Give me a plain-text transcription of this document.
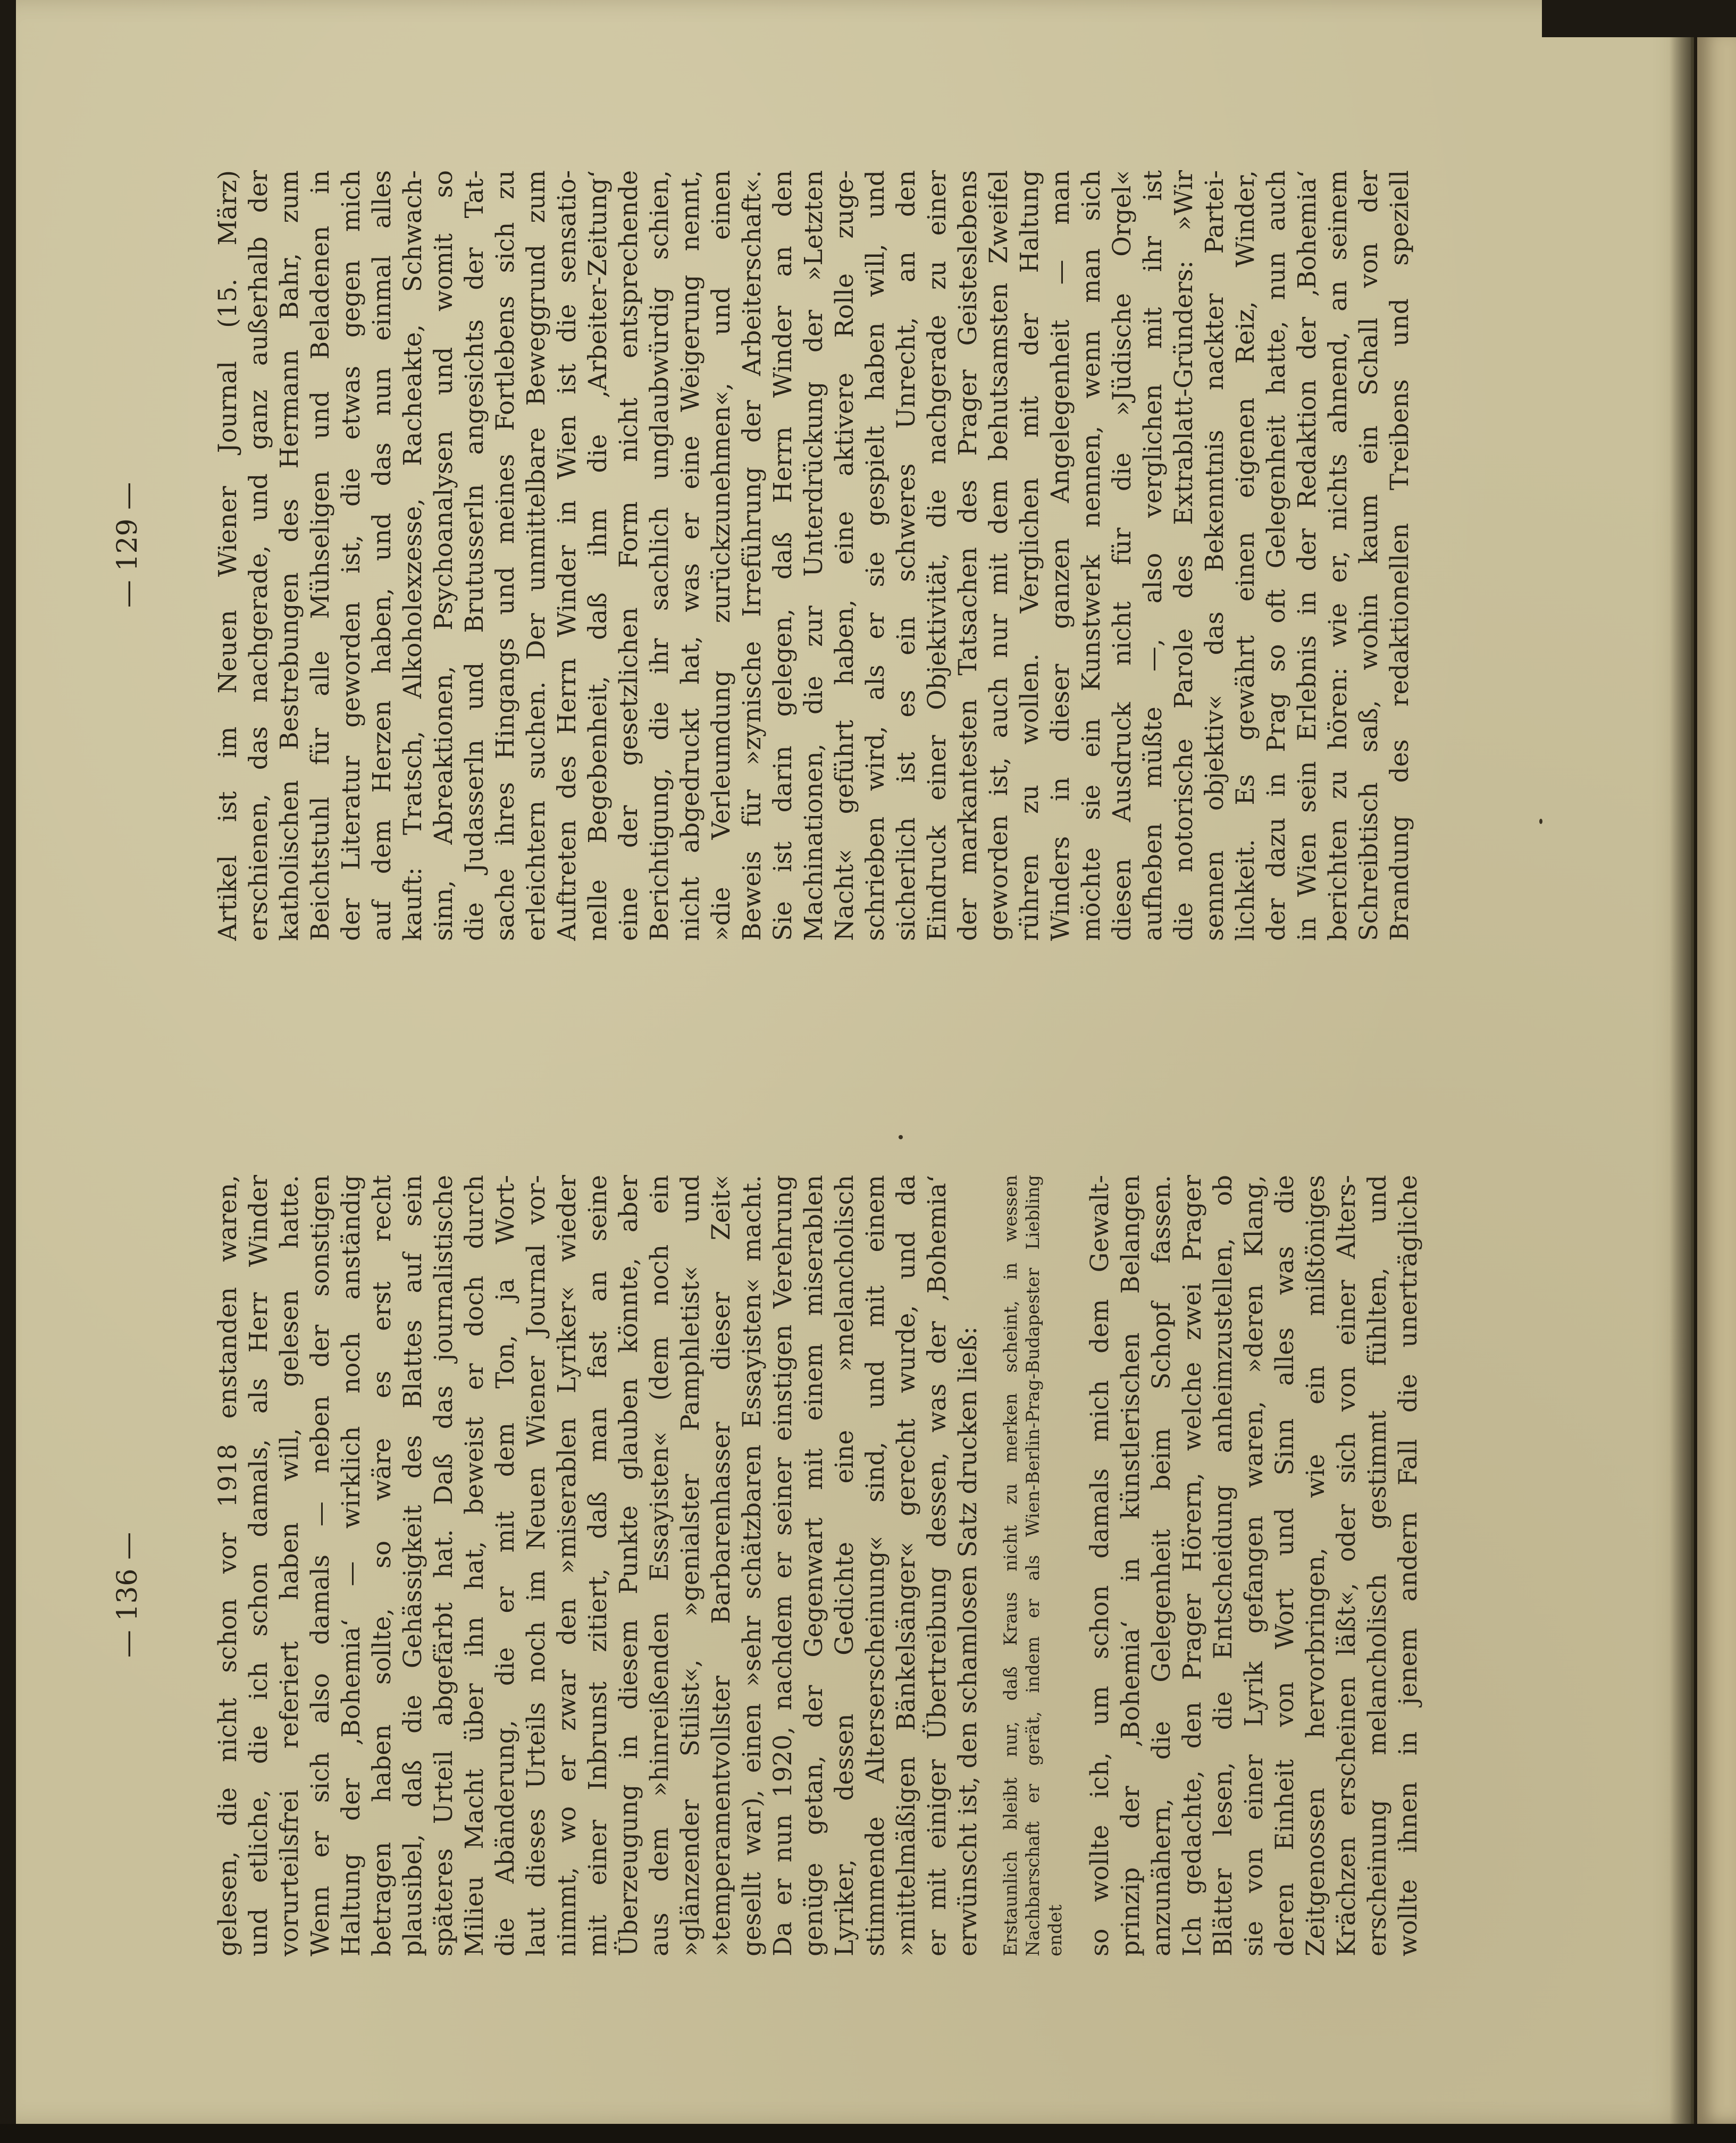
— 136 —
— 129 —
gelesen, die nicht schon vor 1918 enstanden waren, und etliche, die ich schon damals, als Herr Winder vorurteilsfrei referiert haben will, gelesen hatte. Wenn er sich also damals — neben der sonstigen Haltung der ‚Bohemia‘ — wirklich noch anständig betragen haben sollte, so wäre es erst recht plausibel, daß die Gehässigkeit des Blattes auf sein späteres Urteil abgefärbt hat. Daß das journalistische Milieu Macht über ihn hat, beweist er doch durch die Abänderung, die er mit dem Ton, ja Wort- laut dieses Urteils noch im Neuen Wiener Journal vor- nimmt, wo er zwar den »miserablen Lyriker« wieder mit einer Inbrunst zitiert, daß man fast an seine Überzeugung in diesem Punkte glauben könnte, aber aus dem »hinreißenden Essayisten« (dem noch ein »glänzender Stilist«, »genialster Pamphletist« und »temperamentvollster Barbarenhasser dieser Zeit« gesellt war), einen »sehr schätzbaren Essayisten« macht. Da er nun 1920, nachdem er seiner einstigen Verehrung genüge getan, der Gegenwart mit einem miserablen Lyriker, dessen Gedichte eine »melancholisch stimmende Alterserscheinung« sind, und mit einem »mittelmäßigen Bänkelsänger« gerecht wurde, und da er mit einiger Übertreibung dessen, was der ‚Bohemia‘ erwünscht ist, den schamlosen Satz drucken ließ: Erstaunlich bleibt nur, daß Kraus nicht zu merken scheint, in wessen Nachbarschaft er gerät, indem er als Wien-Berlin-Prag-Budapester Liebling endet so wollte ich, um schon damals mich dem Gewalt- prinzip der ‚Bohemia‘ in künstlerischen Belangen anzunähern, die Gelegenheit beim Schopf fassen. Ich gedachte, den Prager Hörern, welche zwei Prager Blätter lesen, die Entscheidung anheimzustellen, ob sie von einer Lyrik gefangen waren, »deren Klang, deren Einheit von Wort und Sinn alles was die Zeitgenossen hervorbringen, wie ein mißtöniges Krächzen erscheinen läßt«, oder sich von einer Alters- erscheinung melancholisch gestimmt fühlten, und wollte ihnen in jenem andern Fall die unerträgliche
Artikel ist im Neuen Wiener Journal (15. März) erschienen, das nachgerade, und ganz außerhalb der katholischen Bestrebungen des Hermann Bahr, zum Beichtstuhl für alle Mühseligen und Beladenen in der Literatur geworden ist, die etwas gegen mich auf dem Herzen haben, und das nun einmal alles kauft: Tratsch, Alkoholexzesse, Racheakte, Schwach- sinn, Abreaktionen, Psychoanalysen und womit so die Judasserln und Brutusserln angesichts der Tat- sache ihres Hingangs und meines Fortlebens sich zu erleichtern suchen. Der unmittelbare Beweggrund zum Auftreten des Herrn Winder in Wien ist die sensatio- nelle Begebenheit, daß ihm die ‚Arbeiter-Zeitung‘ eine der gesetzlichen Form nicht entsprechende Berichtigung, die ihr sachlich unglaubwürdig schien, nicht abgedruckt hat, was er eine Weigerung nennt, »die Verleumdung zurückzunehmen«, und einen Beweis für »zynische Irreführung der Arbeiterschaft«. Sie ist darin gelegen, daß Herrn Winder an den Machinationen, die zur Unterdrückung der »Letzten Nacht« geführt haben, eine aktivere Rolle zuge- schrieben wird, als er sie gespielt haben will, und sicherlich ist es ein schweres Unrecht, an den Eindruck einer Objektivität, die nachgerade zu einer der markantesten Tatsachen des Prager Geisteslebens geworden ist, auch nur mit dem behutsamsten Zweifel rühren zu wollen. Verglichen mit der Haltung Winders in dieser ganzen Angelegenheit — man möchte sie ein Kunstwerk nennen, wenn man sich diesen Ausdruck nicht für die »Jüdische Orgel« aufheben müßte —, also verglichen mit ihr ist die notorische Parole des Extrablatt-Gründers: »Wir sennen objektiv« das Bekenntnis nackter Partei- lichkeit. Es gewährt einen eigenen Reiz, Winder, der dazu in Prag so oft Gelegenheit hatte, nun auch in Wien sein Erlebnis in der Redaktion der ‚Bohemia‘ berichten zu hören: wie er, nichts ahnend, an seinem Schreibtisch saß, wohin kaum ein Schall von der Brandung des redaktionellen Treibens und speziell
